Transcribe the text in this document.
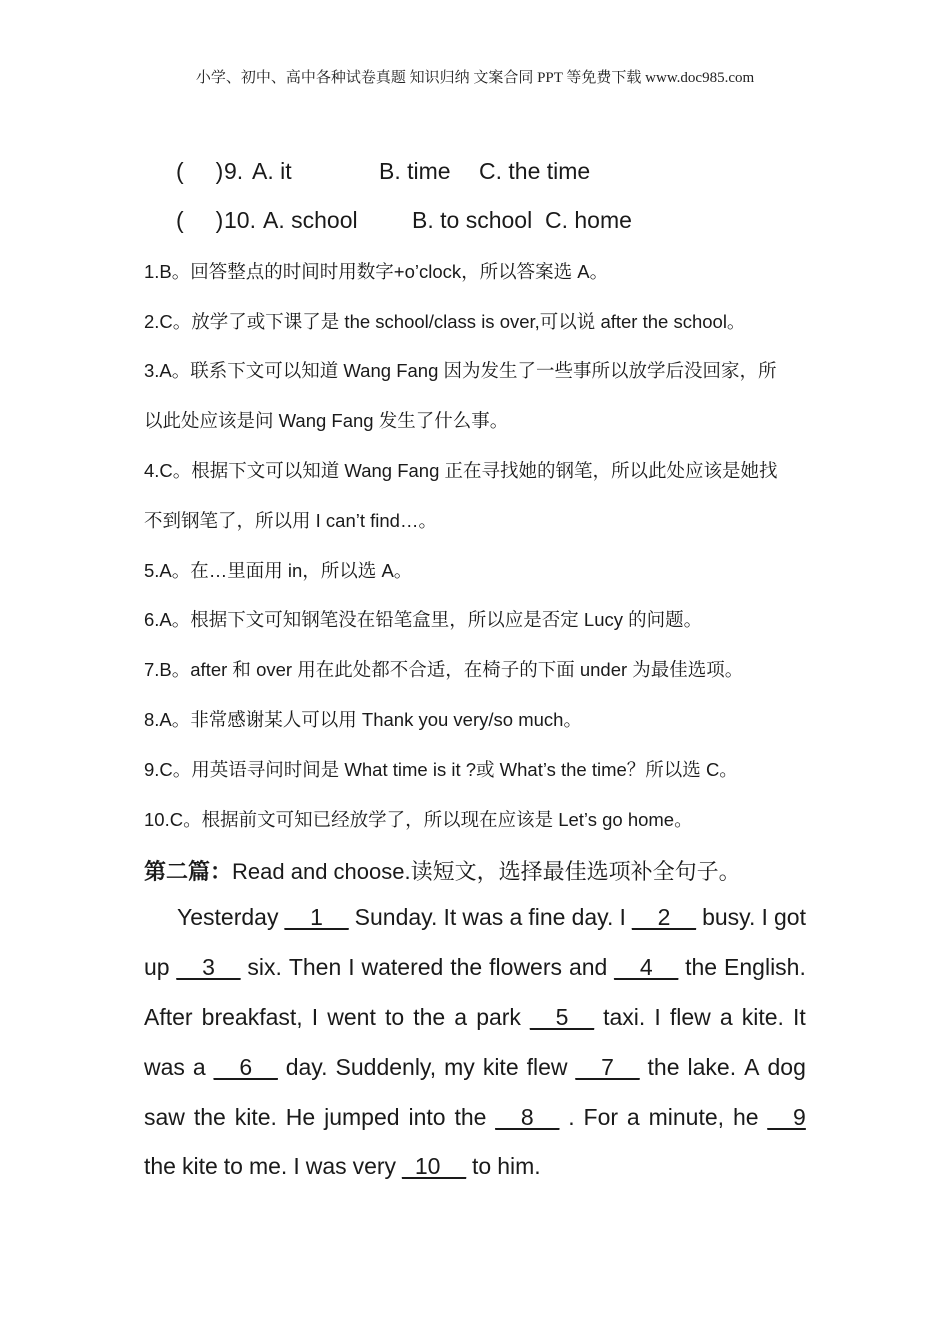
小学、初中、高中各种试卷真题 知识归纳 文案合同 PPT 等免费下载 www.doc985.com

(     )

9.

A. it

	B. time

C. the time

(     )

10.

A. school

B. to school

C. home

1.B。回答整点的时间时用数字+o’clock，所以答案选 A。
2.C。放学了或下课了是 the school/class is over,可以说 after the school。
3.A。联系下文可以知道 Wang Fang 因为发生了一些事所以放学后没回家，所
以此处应该是问 Wang Fang 发生了什么事。
4.C。根据下文可以知道 Wang Fang 正在寻找她的钢笔，所以此处应该是她找
不到钢笔了，所以用 I can’t find…。
5.A。在…里面用 in，所以选 A。
6.A。根据下文可知钢笔没在铅笔盒里，所以应是否定 Lucy 的问题。
7.B。after 和 over 用在此处都不合适，在椅子的下面 under 为最佳选项。
8.A。非常感谢某人可以用 Thank you very/so much。
9.C。用英语寻问时间是 What time is it ?或 What’s the time？所以选 C。
10.C。根据前文可知已经放学了，所以现在应该是 Let’s go home。
第二篇：Read and choose.读短文，选择最佳选项补全句子。
Yesterday __1__ Sunday. It was a fine day. I __2__ busy. I got
up __3__ six. Then I watered the flowers and __4__ the English.
After breakfast, I went to the a park __5__ taxi. I flew a kite. It
was a __6__ day. Suddenly, my kite flew __7__ the lake. A dog
saw the kite. He jumped into the __8__ . For a minute, he __9
the kite to me. I was very _10__ to him.
